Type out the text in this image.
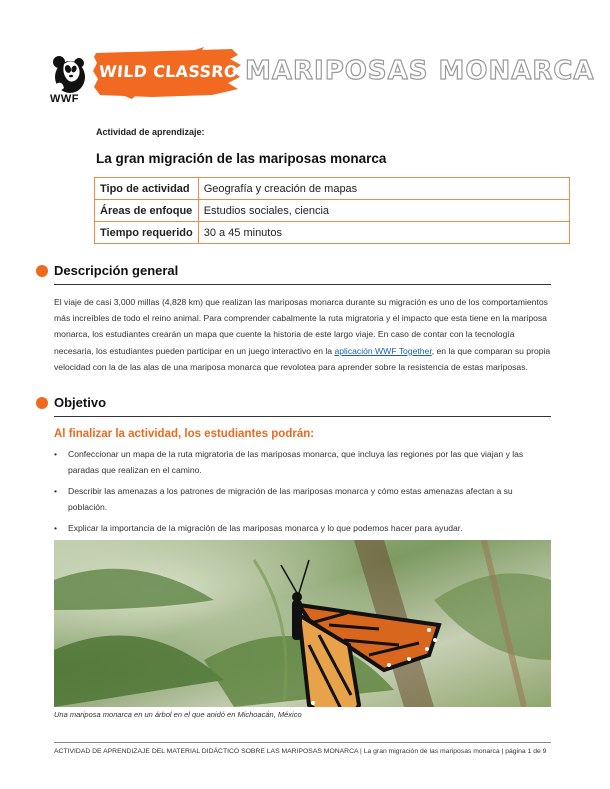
WWF
WILD CLASSROOM
MARIPOSAS MONARCA
Actividad de aprendizaje:
La gran migración de las mariposas monarca
Tipo de actividad	Geografía y creación de mapas
Áreas de enfoque	Estudios sociales, ciencia
Tiempo requerido	30 a 45 minutos
Descripción general

El viaje de casi 3,000 millas (4,828 km) que realizan las mariposas monarca durante su migración es uno de los comportamientos más increíbles de todo el reino animal. Para comprender cabalmente la ruta migratoria y el impacto que esta tiene en la mariposa monarca, los estudiantes crearán un mapa que cuente la historia de este largo viaje. En caso de contar con la tecnología necesaria, los estudiantes pueden participar en un juego interactivo en la aplicación WWF Together, en la que comparan su propia velocidad con la de las alas de una mariposa monarca que revolotea para aprender sobre la resistencia de estas mariposas.

Objetivo
Al finalizar la actividad, los estudiantes podrán:
• Confeccionar un mapa de la ruta migratoria de las mariposas monarca, que incluya las regiones por las que viajan y las paradas que realizan en el camino.
• Describir las amenazas a los patrones de migración de las mariposas monarca y cómo estas amenazas afectan a su población.
• Explicar la importancia de la migración de las mariposas monarca y lo que podemos hacer para ayudar.
Una mariposa monarca en un árbol en el que anidó en Michoacán, México
ACTIVIDAD DE APRENDIZAJE DEL MATERIAL DIDÁCTICO SOBRE LAS MARIPOSAS MONARCA | La gran migración de las mariposas monarca | página 1 de 9
